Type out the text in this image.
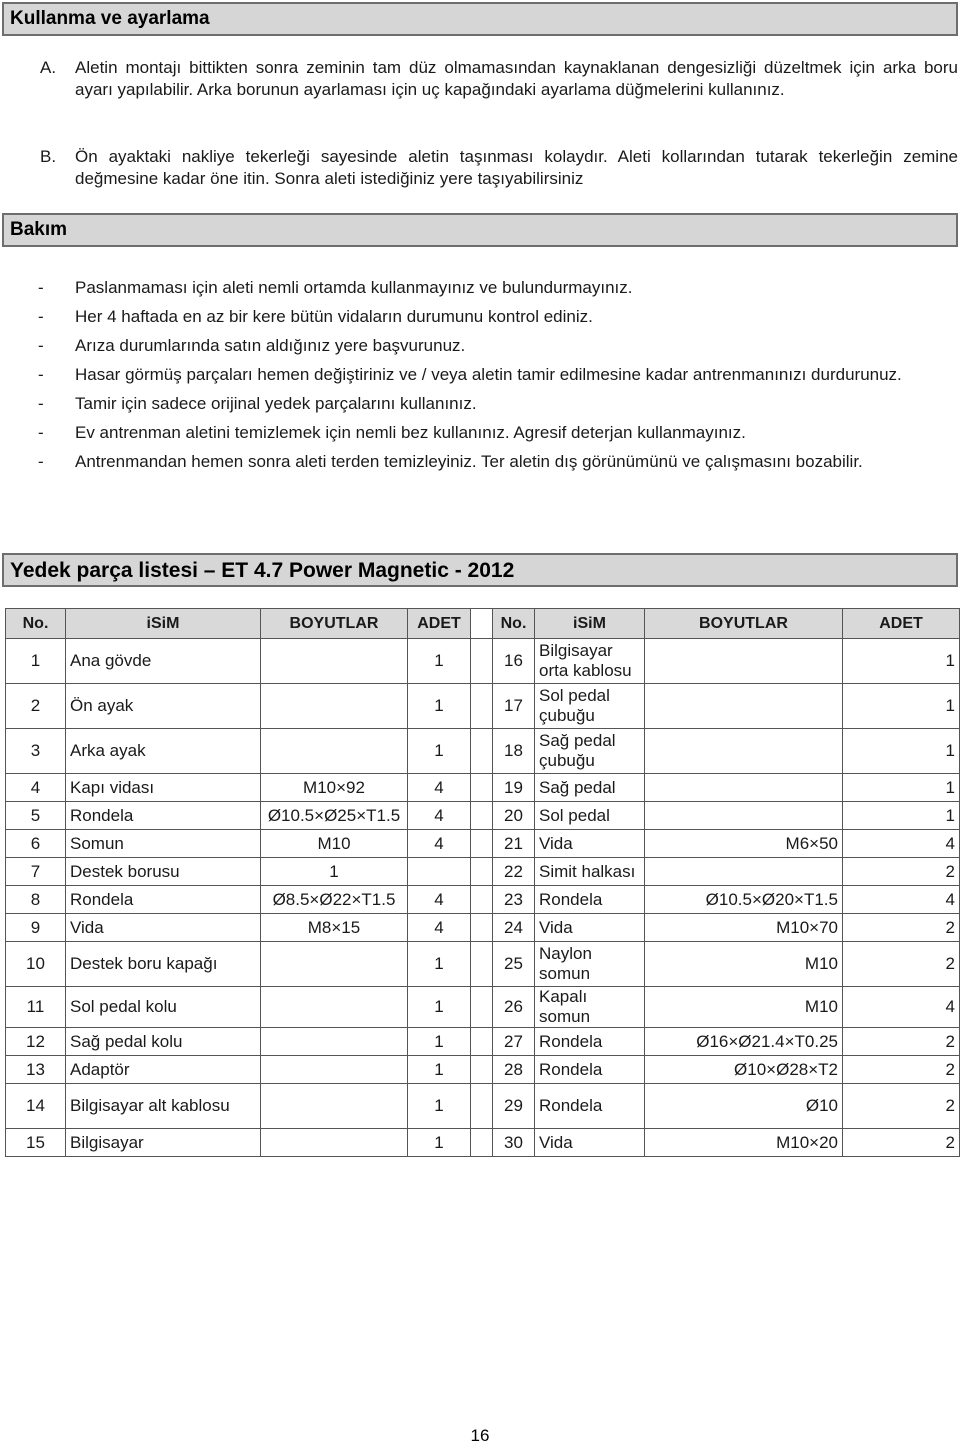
Kullanma ve ayarlama
A. Aletin montajı bittikten sonra zeminin tam düz olmamasından kaynaklanan dengesizliği düzeltmek için arka boru ayarı yapılabilir. Arka borunun ayarlaması için uç kapağındaki ayarlama düğmelerini kullanınız.
B. Ön ayaktaki nakliye tekerleği sayesinde aletin taşınması kolaydır. Aleti kollarından tutarak tekerleğin zemine değmesine kadar öne itin. Sonra aleti istediğiniz yere taşıyabilirsiniz
Bakım
- Paslanmaması için aleti nemli ortamda kullanmayınız ve bulundurmayınız.
- Her 4 haftada en az bir kere bütün vidaların durumunu kontrol ediniz.
- Arıza durumlarında satın aldığınız yere başvurunuz.
- Hasar görmüş parçaları hemen değiştiriniz ve / veya aletin tamir edilmesine kadar antrenmanınızı durdurunuz.
- Tamir için sadece orijinal yedek parçalarını kullanınız.
- Ev antrenman aletini temizlemek için nemli bez kullanınız. Agresif deterjan kullanmayınız.
- Antrenmandan hemen sonra aleti terden temizleyiniz. Ter aletin dış görünümünü ve çalışmasını bozabilir.
Yedek parça listesi – ET 4.7 Power Magnetic - 2012
No.	iSiM	BOYUTLAR	ADET		No.	iSiM	BOYUTLAR	ADET
1	Ana gövde		1		16	Bilgisayar orta kablosu		1
2	Ön ayak		1		17	Sol pedal çubuğu		1
3	Arka ayak		1		18	Sağ pedal çubuğu		1
4	Kapı vidası	M10×92	4		19	Sağ pedal		1
5	Rondela	Ø10.5×Ø25×T1.5	4		20	Sol pedal		1
6	Somun	M10	4		21	Vida	M6×50	4
7	Destek borusu	1			22	Simit halkası		2
8	Rondela	Ø8.5×Ø22×T1.5	4		23	Rondela	Ø10.5×Ø20×T1.5	4
9	Vida	M8×15	4		24	Vida	M10×70	2
10	Destek boru kapağı		1		25	Naylon somun	M10	2
11	Sol pedal kolu		1		26	Kapalı somun	M10	4
12	Sağ pedal kolu		1		27	Rondela	Ø16×Ø21.4×T0.25	2
13	Adaptör		1		28	Rondela	Ø10×Ø28×T2	2
14	Bilgisayar alt kablosu		1		29	Rondela	Ø10	2
15	Bilgisayar		1		30	Vida	M10×20	2
16
